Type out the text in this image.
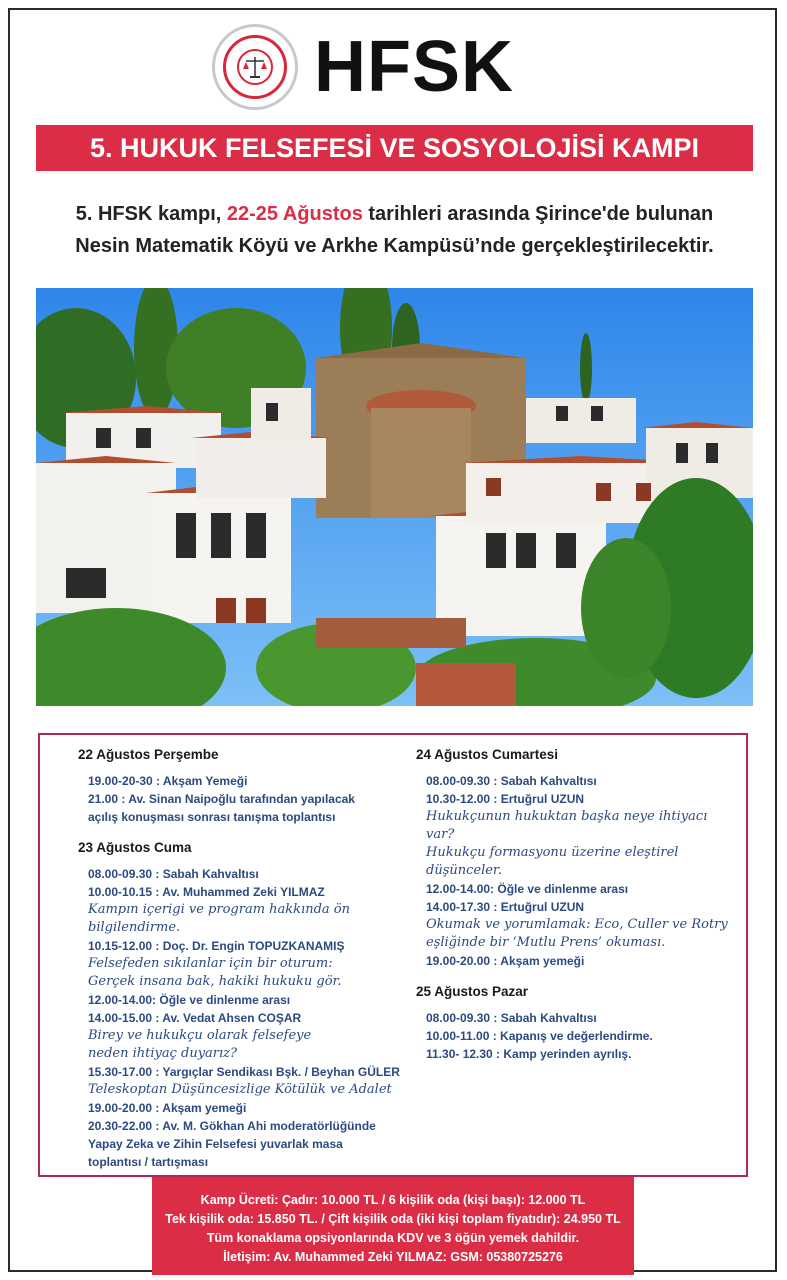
HFSK
5. HUKUK FELSEFESİ VE SOSYOLOJİSİ KAMPI
5. HFSK kampı, 22-25 Ağustos tarihleri arasında Şirince'de bulunan
Nesin Matematik Köyü ve Arkhe Kampüsü’nde gerçekleştirilecektir.
22 Ağustos Perşembe
19.00-20-30 : Akşam Yemeği
21.00 : Av. Sinan Naipoğlu tarafından yapılacak
açılış konuşması sonrası tanışma toplantısı
23 Ağustos Cuma
08.00-09.30 : Sabah Kahvaltısı
10.00-10.15 : Av. Muhammed Zeki YILMAZ
Kampın içerigi ve program hakkında ön bilgilendirme.
10.15-12.00 : Doç. Dr. Engin TOPUZKANAMIŞ
Felsefeden sıkılanlar için bir oturum:
Gerçek insana bak, hakiki hukuku gör.
12.00-14.00: Öğle ve dinlenme arası
14.00-15.00 : Av. Vedat Ahsen COŞAR
Birey ve hukukçu olarak felsefeye
neden ihtiyaç duyarız?
15.30-17.00 : Yargıçlar Sendikası Bşk. / Beyhan GÜLER
Teleskoptan Düşüncesizlige Kötülük ve Adalet
19.00-20.00 : Akşam yemeği
20.30-22.00 : Av. M. Gökhan Ahi moderatörlüğünde
Yapay Zeka ve Zihin Felsefesi yuvarlak masa
toplantısı / tartışması
24 Ağustos Cumartesi
08.00-09.30 : Sabah Kahvaltısı
10.30-12.00 : Ertuğrul UZUN
Hukukçunun hukuktan başka neye ihtiyacı var?
Hukukçu formasyonu üzerine eleştirel düşünceler.
12.00-14.00: Öğle ve dinlenme arası
14.00-17.30 : Ertuğrul UZUN
Okumak ve yorumlamak: Eco, Culler ve Rotry
eşliğinde bir ‘Mutlu Prens’ okuması.
19.00-20.00 : Akşam yemeği
25 Ağustos Pazar
08.00-09.30 : Sabah Kahvaltısı
10.00-11.00 : Kapanış ve değerlendirme.
11.30- 12.30 : Kamp yerinden ayrılış.
Kamp Ücreti: Çadır: 10.000 TL / 6 kişilik oda (kişi başı): 12.000 TL
Tek kişilik oda: 15.850 TL. / Çift kişilik oda (iki kişi toplam fiyatıdır): 24.950 TL
Tüm konaklama opsiyonlarında KDV ve 3 öğün yemek dahildir.
İletişim: Av. Muhammed Zeki YILMAZ: GSM: 05380725276
